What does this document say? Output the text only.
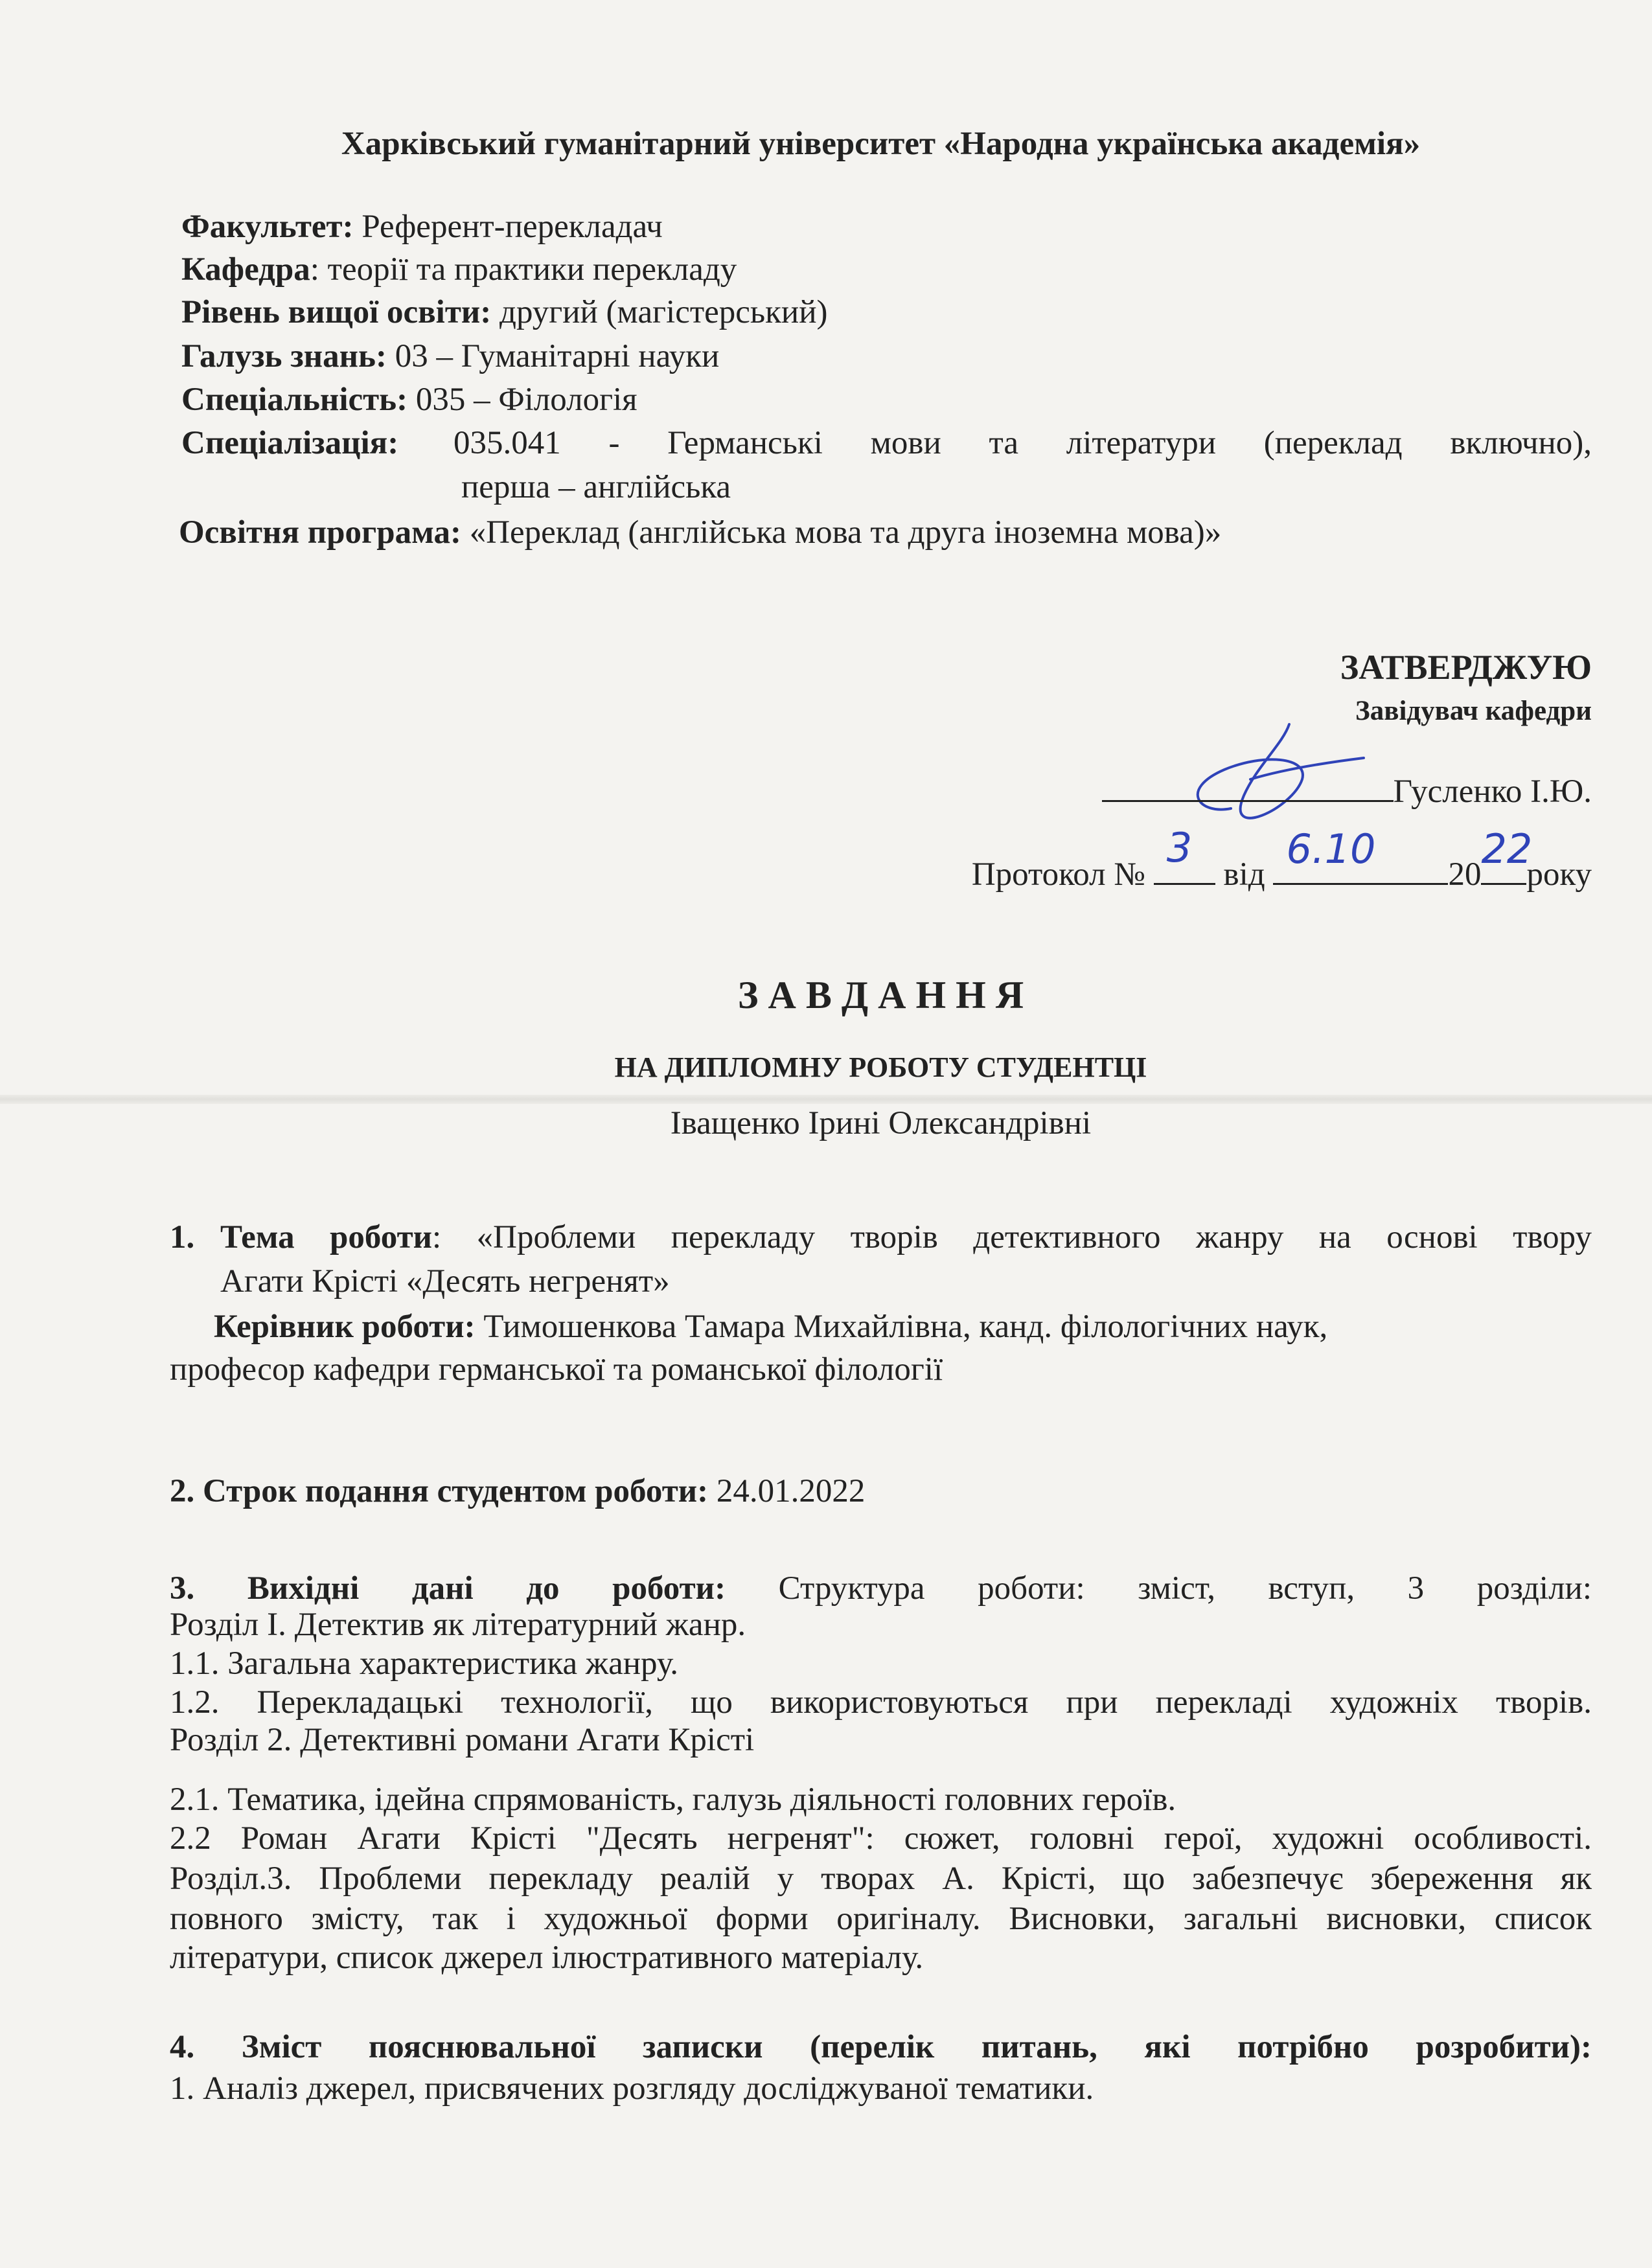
Харківський гуманітарний університет «Народна українська академія»
Факультет: Референт-перекладач
Кафедра: теорії та практики перекладу
Рівень вищої освіти: другий (магістерський)
Галузь знань: 03 – Гуманітарні науки
Спеціальність: 035 – Філологія
Спеціалізація:	035.041 - Германські мови та літератури (переклад включно),
перша – англійська
Освітня програма: «Переклад (англійська мова та друга іноземна мова)»
ЗАТВЕРДЖУЮ
Завідувач кафедри
Гусленко І.Ю.
Протокол №
3
від
6.10
20
22
року
З А В Д А Н Н Я
НА ДИПЛОМНУ РОБОТУ СТУДЕНТЦІ
Іващенко Ірині Олександрівні
1. Тема роботи: «Проблеми перекладу творів детективного жанру на основі твору
Агати Крісті «Десять негренят»
Керівник роботи: Тимошенкова Тамара Михайлівна, канд. філологічних наук,
професор кафедри германської та романської філології
2. Строк подання студентом роботи: 24.01.2022
3. Вихідні дані до роботи: Структура роботи: зміст, вступ, 3 розділи:
Розділ І. Детектив як літературний жанр.
1.1. Загальна характеристика жанру.
1.2. Перекладацькі технології, що використовуються при перекладі художніх творів.
Розділ 2. Детективні романи Агати Крісті
2.1. Тематика, ідейна спрямованість, галузь діяльності головних героїв.
2.2 Роман Агати Крісті "Десять негренят": сюжет, головні герої, художні особливості.
Розділ.3. Проблеми перекладу реалій у творах А. Крісті, що забезпечує збереження як
повного змісту, так і художньої форми оригіналу. Висновки, загальні висновки, список
літератури, список джерел ілюстративного матеріалу.
4. Зміст пояснювальної записки (перелік питань, які потрібно розробити):
1. Аналіз джерел, присвячених розгляду досліджуваної тематики.
